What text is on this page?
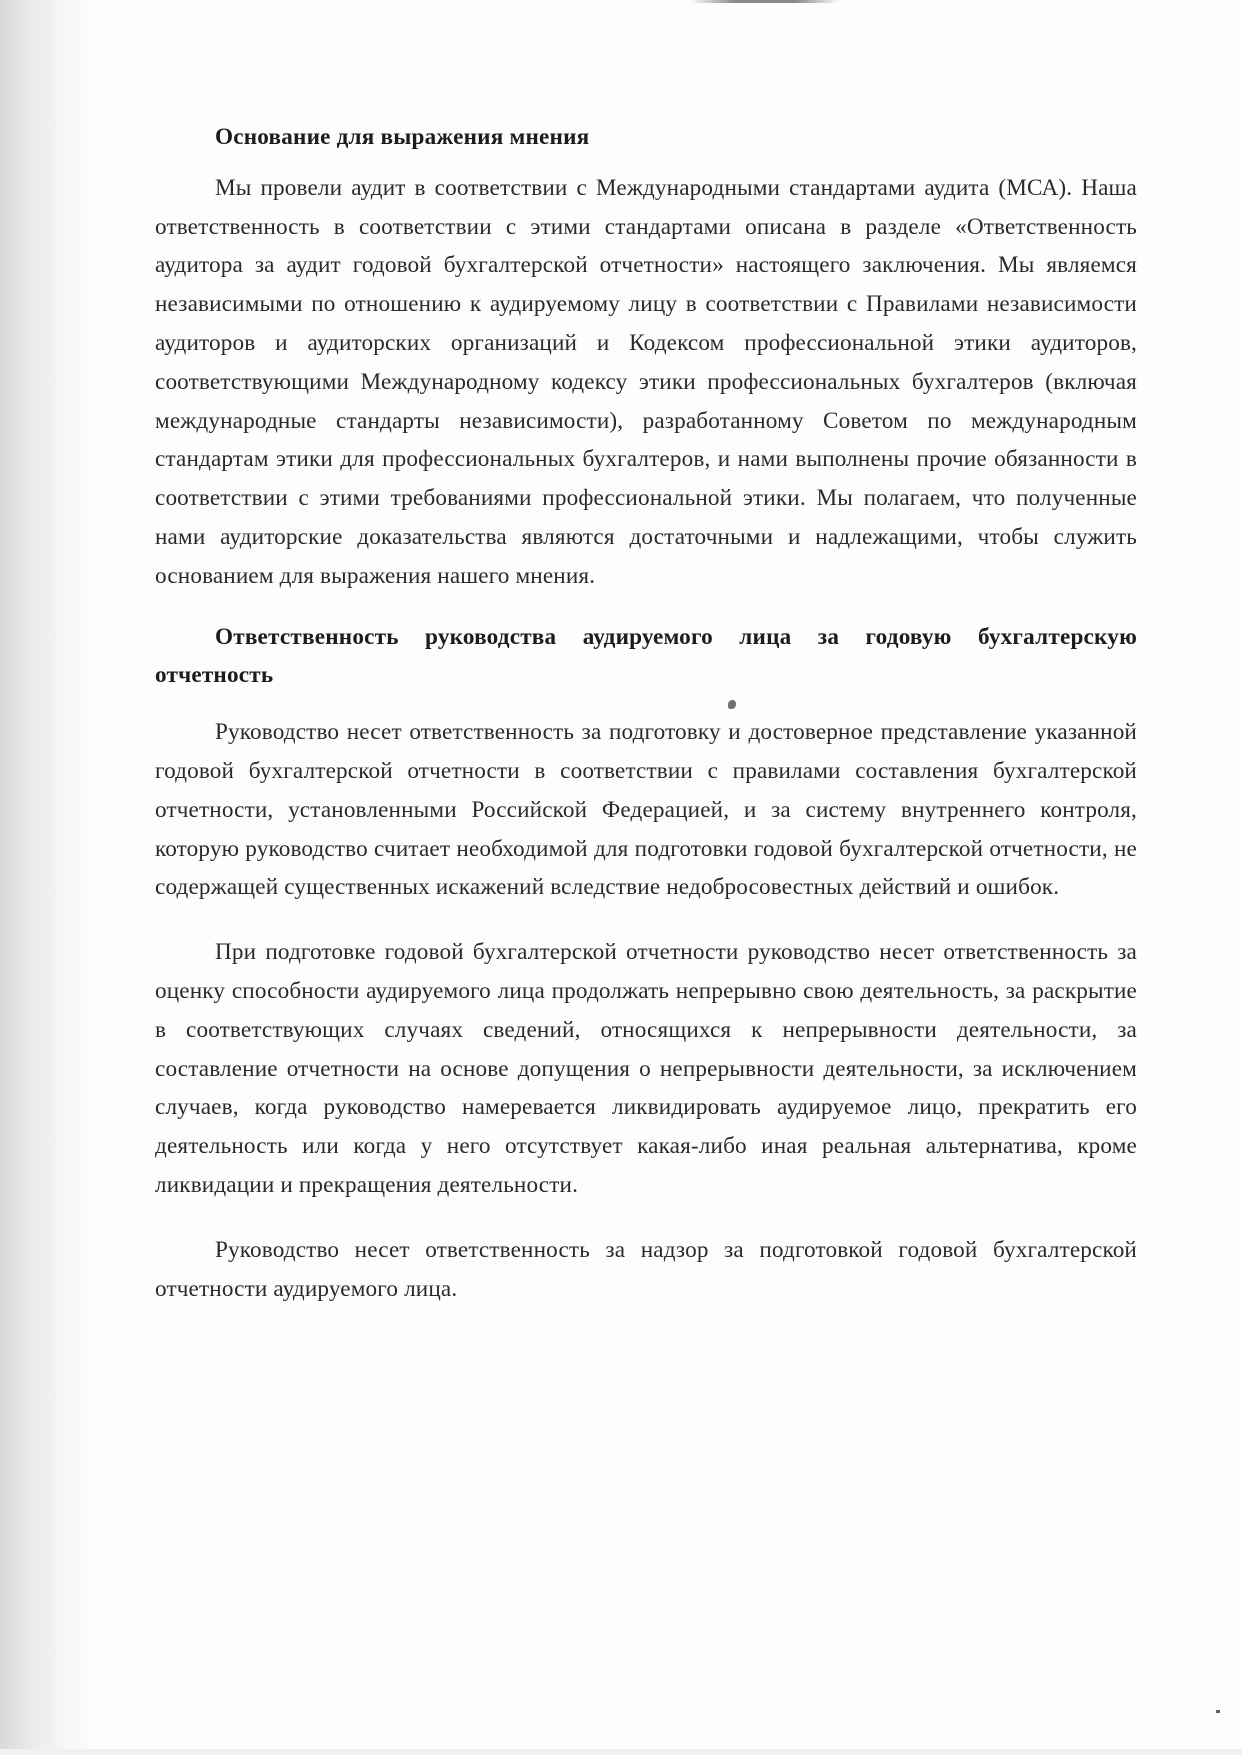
Основание для выражения мнения

Мы провели аудит в соответствии с Международными стандартами аудита (МСА). Наша ответственность в соответствии с этими стандартами описана в разделе «Ответственность аудитора за аудит годовой бухгалтерской отчетности» настоящего заключения. Мы являемся независимыми по отношению к аудируемому лицу в соответствии с Правилами независимости аудиторов и аудиторских организаций и Кодексом профессиональной этики аудиторов, соответствующими Международному кодексу этики профессиональных бухгалтеров (включая международные стандарты независимости), разработанному Советом по международным стандартам этики для профессиональных бухгалтеров, и нами выполнены прочие обязанности в соответствии с этими требованиями профессиональной этики. Мы полагаем, что полученные нами аудиторские доказательства являются достаточными и надлежащими, чтобы служить основанием для выражения нашего мнения.

Ответственность руководства аудируемого лица за годовую бухгалтерскую отчетность

Руководство несет ответственность за подготовку и достоверное представление указанной годовой бухгалтерской отчетности в соответствии с правилами составления бухгалтерской отчетности, установленными Российской Федерацией, и за систему внутреннего контроля, которую руководство считает необходимой для подготовки годовой бухгалтерской отчетности, не содержащей существенных искажений вследствие недобросовестных действий и ошибок.

При подготовке годовой бухгалтерской отчетности руководство несет ответственность за оценку способности аудируемого лица продолжать непрерывно свою деятельность, за раскрытие в соответствующих случаях сведений, относящихся к непрерывности деятельности, за составление отчетности на основе допущения о непрерывности деятельности, за исключением случаев, когда руководство намеревается ликвидировать аудируемое лицо, прекратить его деятельность или когда у него отсутствует какая-либо иная реальная альтернатива, кроме ликвидации и прекращения деятельности.

Руководство несет ответственность за надзор за подготовкой годовой бухгалтерской отчетности аудируемого лица.
